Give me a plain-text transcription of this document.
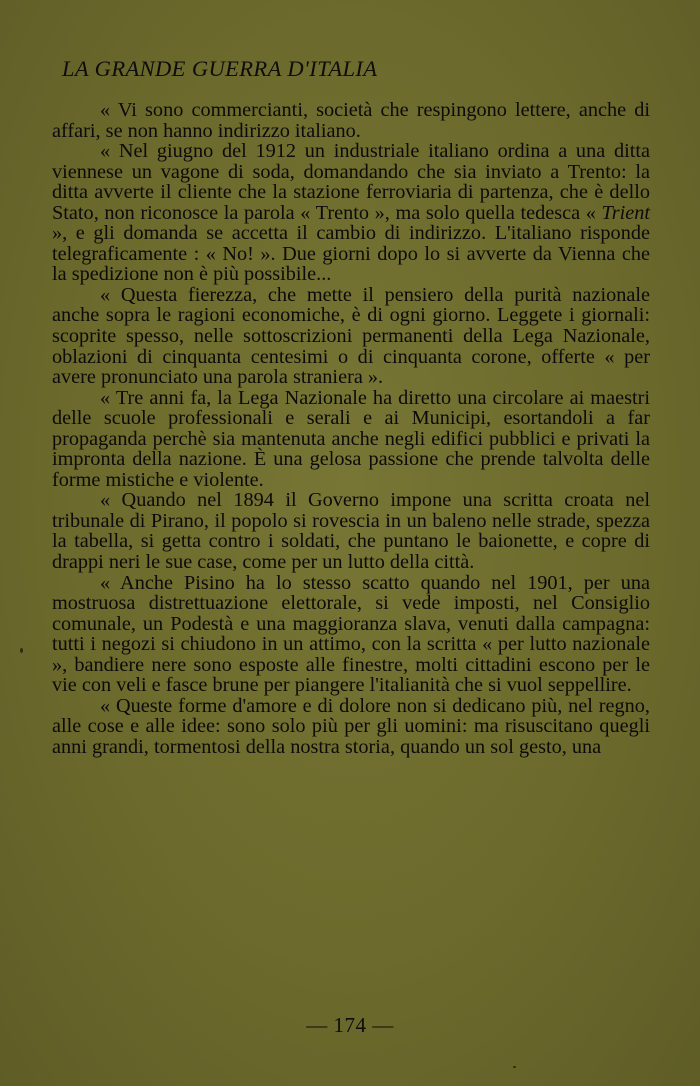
LA GRANDE GUERRA D'ITALIA

« Vi sono commercianti, società che respingono lettere, anche di affari, se non hanno indirizzo italiano.

« Nel giugno del 1912 un industriale italiano ordina a una ditta viennese un vagone di soda, domandando che sia inviato a Trento: la ditta avverte il cliente che la stazione ferroviaria di partenza, che è dello Stato, non riconosce la parola « Trento », ma solo quella tedesca « Trient », e gli domanda se accetta il cambio di indirizzo. L'italiano risponde telegraficamente : « No! ». Due giorni dopo lo si avverte da Vienna che la spedizione non è più possibile...

« Questa fierezza, che mette il pensiero della purità nazionale anche sopra le ragioni economiche, è di ogni giorno. Leggete i giornali: scoprite spesso, nelle sottoscrizioni permanenti della Lega Nazionale, oblazioni di cinquanta centesimi o di cinquanta corone, offerte « per avere pronunciato una parola straniera ».

« Tre anni fa, la Lega Nazionale ha diretto una circolare ai maestri delle scuole professionali e serali e ai Municipi, esortandoli a far propaganda perchè sia mantenuta anche negli edifici pubblici e privati la impronta della nazione. È una gelosa passione che prende talvolta delle forme mistiche e violente.

« Quando nel 1894 il Governo impone una scritta croata nel tribunale di Pirano, il popolo si rovescia in un baleno nelle strade, spezza la tabella, si getta contro i soldati, che puntano le baionette, e copre di drappi neri le sue case, come per un lutto della città.

« Anche Pisino ha lo stesso scatto quando nel 1901, per una mostruosa distrettuazione elettorale, si vede imposti, nel Consiglio comunale, un Podestà e una maggioranza slava, venuti dalla campagna: tutti i negozi si chiudono in un attimo, con la scritta « per lutto nazionale », bandiere nere sono esposte alle finestre, molti cittadini escono per le vie con veli e fasce brune per piangere l'italianità che si vuol seppellire.

« Queste forme d'amore e di dolore non si dedicano più, nel regno, alle cose e alle idee: sono solo più per gli uomini: ma risuscitano quegli anni grandi, tormentosi della nostra storia, quando un sol gesto, una

— 174 —
